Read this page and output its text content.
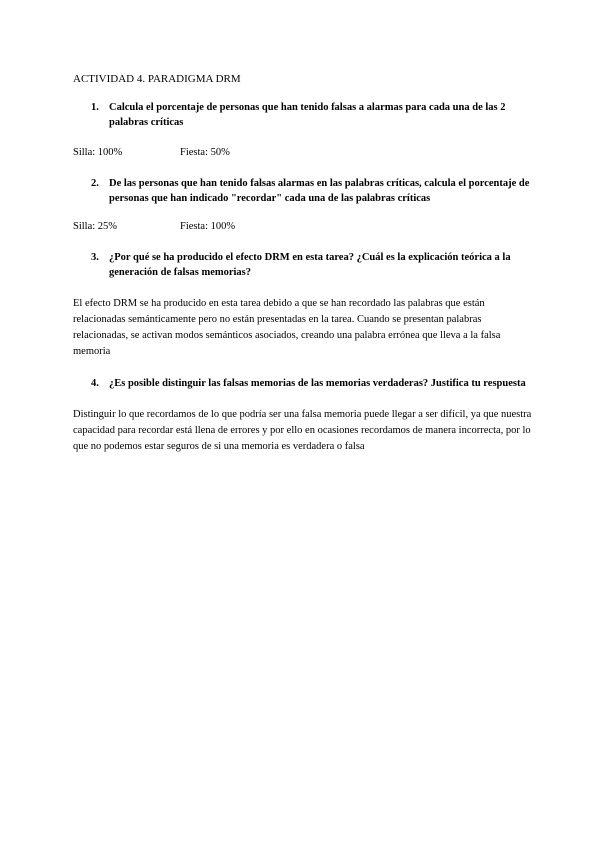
ACTIVIDAD 4. PARADIGMA DRM
1. Calcula el porcentaje de personas que han tenido falsas a alarmas para cada una de las 2 palabras críticas
Silla: 100%	Fiesta: 50%
2. De las personas que han tenido falsas alarmas en las palabras críticas, calcula el porcentaje de personas que han indicado "recordar" cada una de las palabras críticas
Silla: 25%	Fiesta: 100%
3. ¿Por qué se ha producido el efecto DRM en esta tarea? ¿Cuál es la explicación teórica a la generación de falsas memorias?
El efecto DRM se ha producido en esta tarea debido a que se han recordado las palabras que están relacionadas semánticamente pero no están presentadas en la tarea. Cuando se presentan palabras relacionadas, se activan modos semánticos asociados, creando una palabra errónea que lleva a la falsa memoria
4. ¿Es posible distinguir las falsas memorias de las memorias verdaderas? Justifica tu respuesta
Distinguir lo que recordamos de lo que podría ser una falsa memoria puede llegar a ser difícil, ya que nuestra capacidad para recordar está llena de errores y por ello en ocasiones recordamos de manera incorrecta, por lo que no podemos estar seguros de si una memoria es verdadera o falsa
